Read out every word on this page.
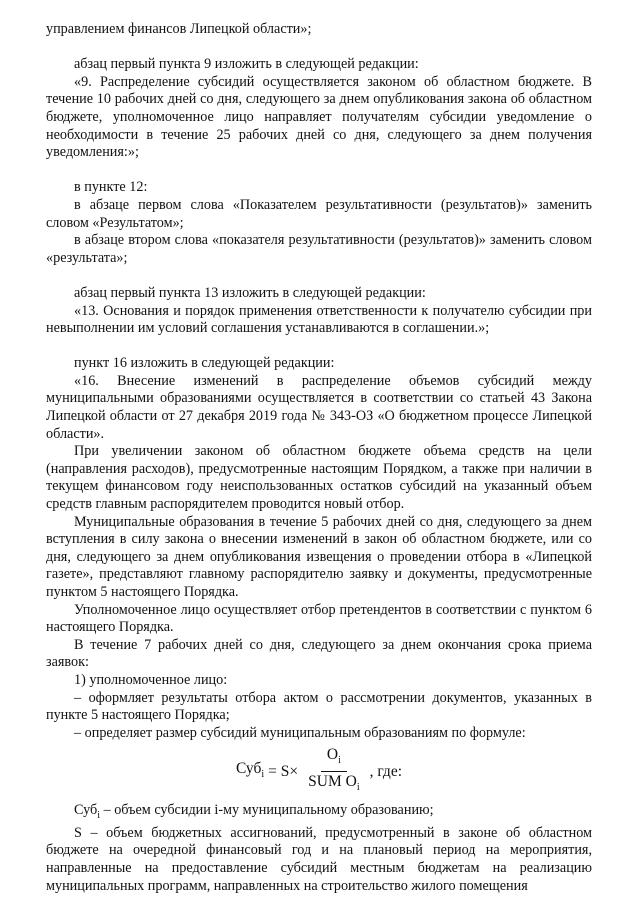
управлением финансов Липецкой области»;

абзац первый пункта 9 изложить в следующей редакции:

«9. Распределение субсидий осуществляется законом об областном бюджете. В течение 10 рабочих дней со дня, следующего за днем опубликования закона об областном бюджете, уполномоченное лицо направляет получателям субсидии уведомление о необходимости в течение 25 рабочих дней со дня, следующего за днем получения уведомления:»;

в пункте 12:

в абзаце первом слова «Показателем результативности (результатов)» заменить словом «Результатом»;

в абзаце втором слова «показателя результативности (результатов)» заменить словом «результата»;

абзац первый пункта 13 изложить в следующей редакции:

«13. Основания и порядок применения ответственности к получателю субсидии при невыполнении им условий соглашения устанавливаются в соглашении.»;

пункт 16 изложить в следующей редакции:

«16. Внесение изменений в распределение объемов субсидий между муниципальными образованиями осуществляется в соответствии со статьей 43 Закона Липецкой области от 27 декабря 2019 года № 343-ОЗ «О бюджетном процессе Липецкой области».

При увеличении законом об областном бюджете объема средств на цели (направления расходов), предусмотренные настоящим Порядком, а также при наличии в текущем финансовом году неиспользованных остатков субсидий на указанный объем средств главным распорядителем проводится новый отбор.

Муниципальные образования в течение 5 рабочих дней со дня, следующего за днем вступления в силу закона о внесении изменений в закон об областном бюджете, или со дня, следующего за днем опубликования извещения о проведении отбора в «Липецкой газете», представляют главному распорядителю заявку и документы, предусмотренные пунктом 5 настоящего Порядка.

Уполномоченное лицо осуществляет отбор претендентов в соответствии с пунктом 6 настоящего Порядка.

В течение 7 рабочих дней со дня, следующего за днем окончания срока приема заявок:

1) уполномоченное лицо:

– оформляет результаты отбора актом о рассмотрении документов, указанных в пункте 5 настоящего Порядка;

– определяет размер субсидий муниципальным образованиям по формуле:

$Суб_i = S\times \frac{O_i}{SUM O_i}$ , где:

Суб$_i$ – объем субсидии i-му муниципальному образованию;

S – объем бюджетных ассигнований, предусмотренный в законе об областном бюджете на очередной финансовый год и на плановый период на мероприятия, направленные на предоставление субсидий местным бюджетам на реализацию муниципальных программ, направленных на строительство жилого помещения
